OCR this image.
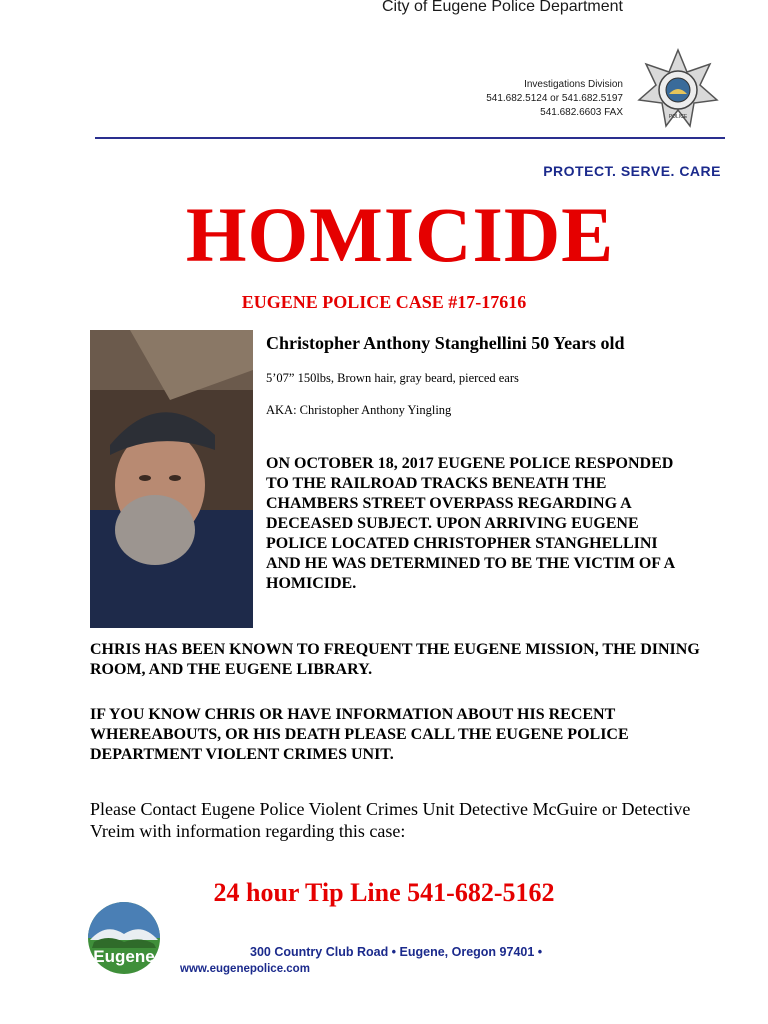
City of Eugene Police Department
Investigations Division
541.682.5124 or 541.682.5197
541.682.6603 FAX	POLICE
PROTECT. SERVE. CARE
HOMICIDE
EUGENE POLICE CASE #17-17616
Christopher Anthony Stanghellini 50 Years old
5’07” 150lbs, Brown hair, gray beard, pierced ears
AKA: Christopher Anthony Yingling
ON OCTOBER 18, 2017 EUGENE POLICE RESPONDED TO THE RAILROAD TRACKS BENEATH THE CHAMBERS STREET OVERPASS REGARDING A DECEASED SUBJECT. UPON ARRIVING EUGENE POLICE LOCATED CHRISTOPHER STANGHELLINI AND HE WAS DETERMINED TO BE THE VICTIM OF A HOMICIDE.
CHRIS HAS BEEN KNOWN TO FREQUENT THE EUGENE MISSION, THE DINING ROOM, AND THE EUGENE LIBRARY.
IF YOU KNOW CHRIS OR HAVE INFORMATION ABOUT HIS RECENT WHEREABOUTS, OR HIS DEATH PLEASE CALL THE EUGENE POLICE DEPARTMENT VIOLENT CRIMES UNIT.
Please Contact Eugene Police Violent Crimes Unit Detective McGuire or Detective Vreim with information regarding this case:
24 hour Tip Line 541-682-5162
Eugene	300 Country Club Road • Eugene, Oregon 97401 •
www.eugenepolice.com
